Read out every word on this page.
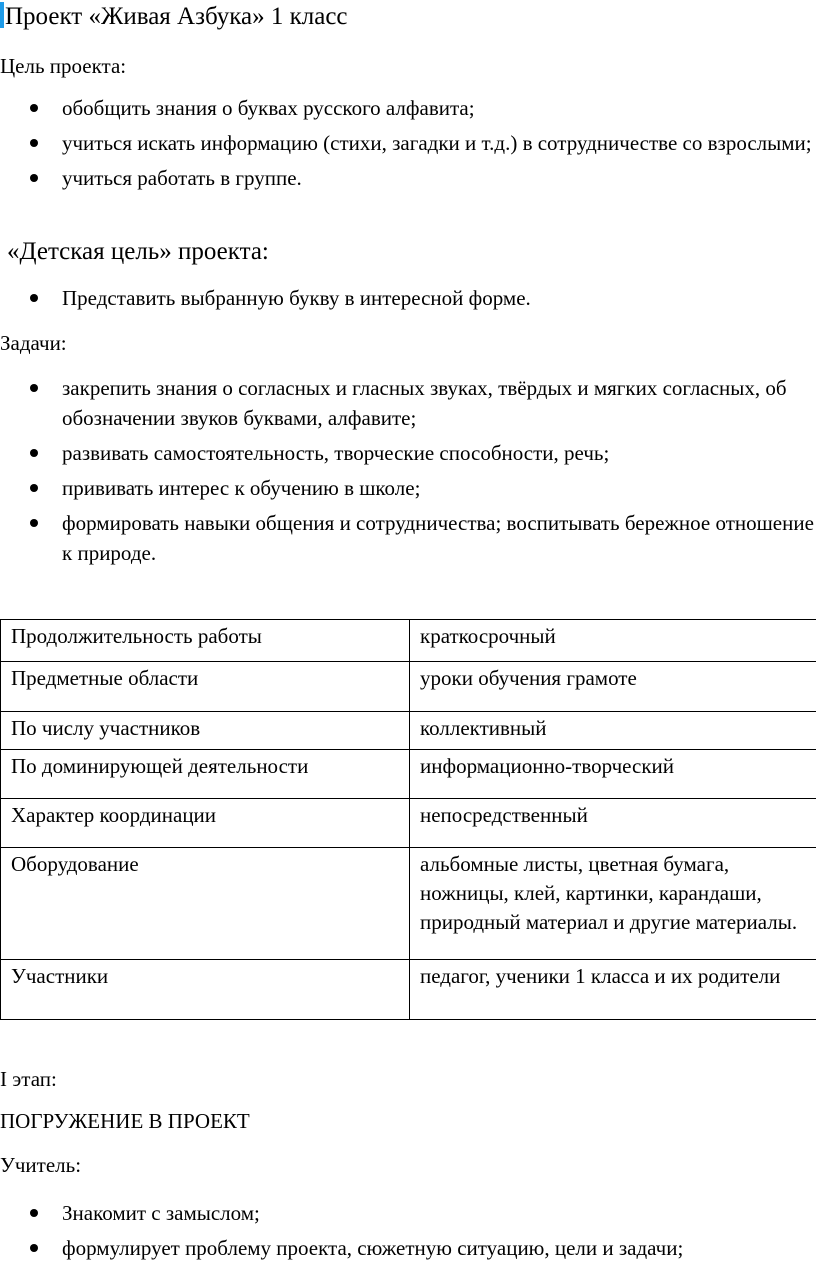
Проект «Живая Азбука» 1 класс
Цель проекта:
обобщить знания о буквах русского алфавита;
учиться искать информацию (стихи, загадки и т.д.) в сотрудничестве со взрослыми;
учиться работать в группе.
«Детская цель» проекта:
Представить выбранную букву в интересной форме.
Задачи:
закрепить знания о согласных и гласных звуках, твёрдых и мягких согласных, об обозначении звуков буквами, алфавите;
развивать самостоятельность, творческие способности, речь;
прививать интерес к обучению в школе;
формировать навыки общения и сотрудничества; воспитывать бережное отношение к природе.
Продолжительность работы	краткосрочный
Предметные области	уроки обучения грамоте
По числу участников	коллективный
По доминирующей деятельности	информационно-творческий
Характер координации	непосредственный
Оборудование	альбомные листы, цветная бумага, ножницы, клей, картинки, карандаши, природный материал и другие материалы.
Участники	педагог, ученики 1 класса и их родители
I этап:
ПОГРУЖЕНИЕ В ПРОЕКТ
Учитель:
Знакомит с замыслом;
формулирует проблему проекта, сюжетную ситуацию, цели и задачи;
